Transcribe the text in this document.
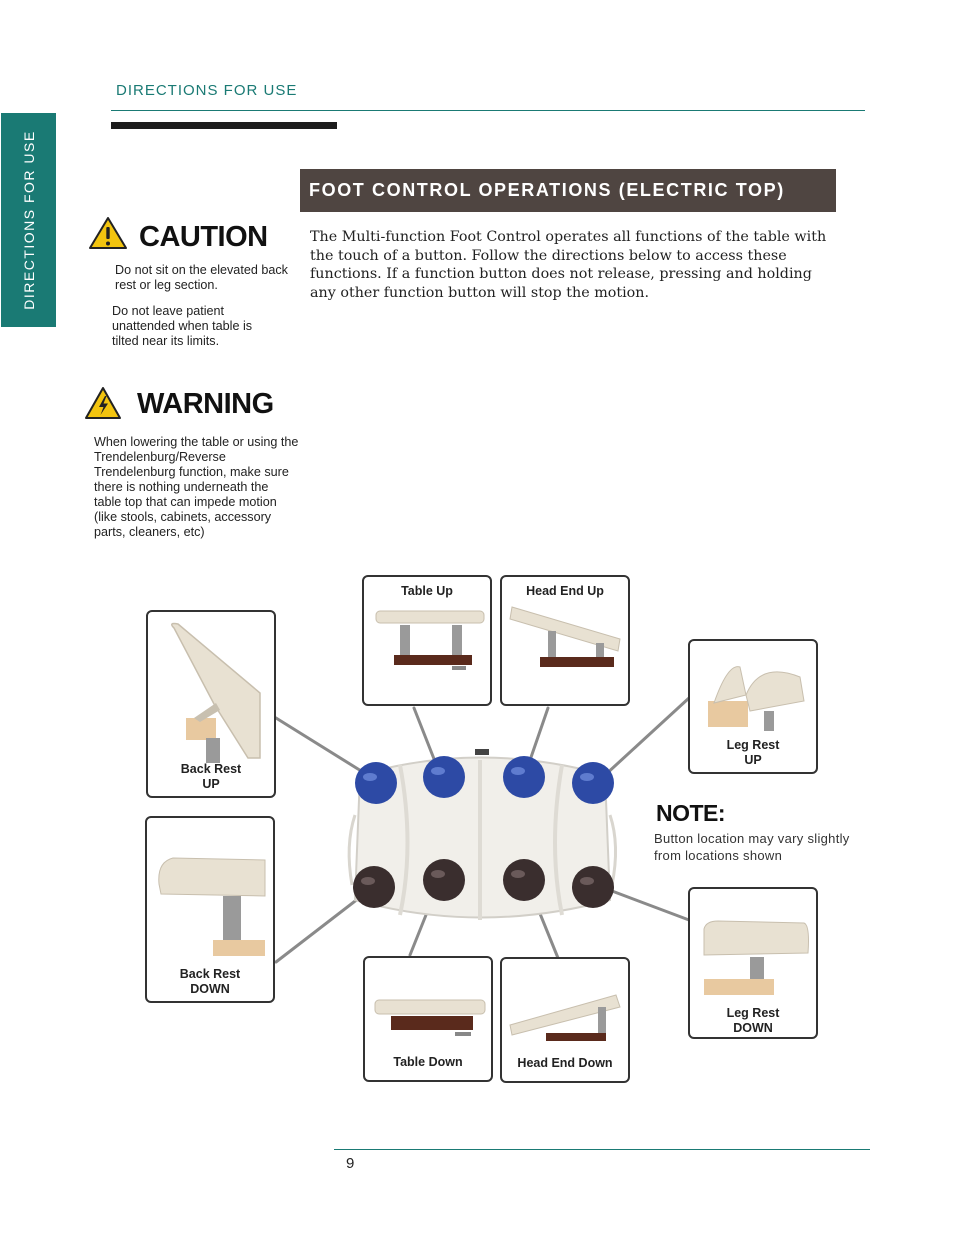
DIRECTIONS FOR USE
DIRECTIONS FOR USE	FOOT CONTROL OPERATIONS (ELECTRIC TOP)
The Multi-function Foot Control operates all functions of the table with the touch of a button. Follow the directions below to access these functions. If a function button does not release, pressing and holding any other function button will stop the motion.
CAUTION
Do not sit on the elevated back rest or leg section.
Do not leave patient unattended when table is tilted near its limits.
WARNING
When lowering the table or using the Trendelenburg/Reverse Trendelenburg function, make sure there is nothing underneath the table top that can impede motion (like stools, cabinets, accessory parts, cleaners, etc)
Back Rest
UP
Table Up	Head End Up
Leg Rest
UP
Back Rest
DOWN
Table Down	Head End Down
Leg Rest
DOWN
NOTE:
Button location may vary slightly from locations shown
9
